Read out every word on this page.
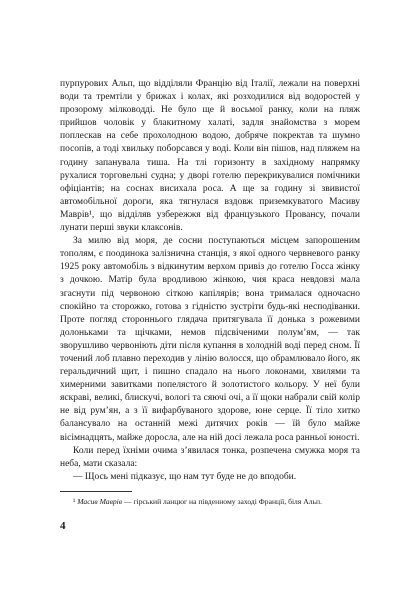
пурпурових Альп, що відділяли Францію від Італії, лежали на поверхні води та тремтіли у брижах і колах, які розходилися від водоростей у прозорому мілководді. Не було ще й восьмої ранку, коли на пляж прийшов чоловік у блакитному халаті, задля знайомства з морем поплескав на себе прохолодною водою, добряче покректав та шумно посопів, а тоді хвильку поборсався у воді. Коли він пішов, над пляжем на годину запанувала тиша. На тлі горизонту в західному напрямку рухалися торговельні судна; у дворі готелю перекрикувалися помічники офіціантів; на соснах висихала роса. А ще за годину зі звивистої автомобільної дороги, яка тягнулася вздовж приземкуватого Масиву Маврів¹, що відділяв узбережжя від французького Провансу, почали лунати перші звуки клаксонів.

За милю від моря, де сосни поступаються місцем запорошеним тополям, є поодинока залізнична станція, з якої одного червневого ранку 1925 року автомобіль з відкинутим верхом привіз до готелю Госса жінку з дочкою. Матір була вродливою жінкою, чия краса невдовзі мала згаснути під червоною сіткою капілярів; вона трималася одночасно спокійно та сторожко, готова з гідністю зустріти будь-які несподіванки. Проте погляд стороннього глядача притягувала її донька з рожевими долоньками та щічками, немов підсвіченими полум’ям, — так зворушливо червоніють діти після купання в холодній воді перед сном. Її точений лоб плавно переходив у лінію волосся, що обрамлювало його, як геральдичний щит, і пишно спадало на нього локонами, хвилями та химерними завитками попелястого й золотистого кольору. У неї були яскраві, великі, блискучі, вологі та сяючі очі, а її щоки набрали свій колір не від рум’ян, а з її вифарбуваного здорове, юне серце. Її тіло хитко балансувало на останній межі дитячих років — їй було майже вісімнадцять, майже доросла, але на ній досі лежала роса ранньої юності.

Коли перед їхніми очима з’явилася тонка, розпечена смужка моря та неба, мати сказала:

— Щось мені підказує, що нам тут буде не до вподоби.

¹ Масив Маврів — гірський ланцюг на південному заході Франції, біля Альп.

4
